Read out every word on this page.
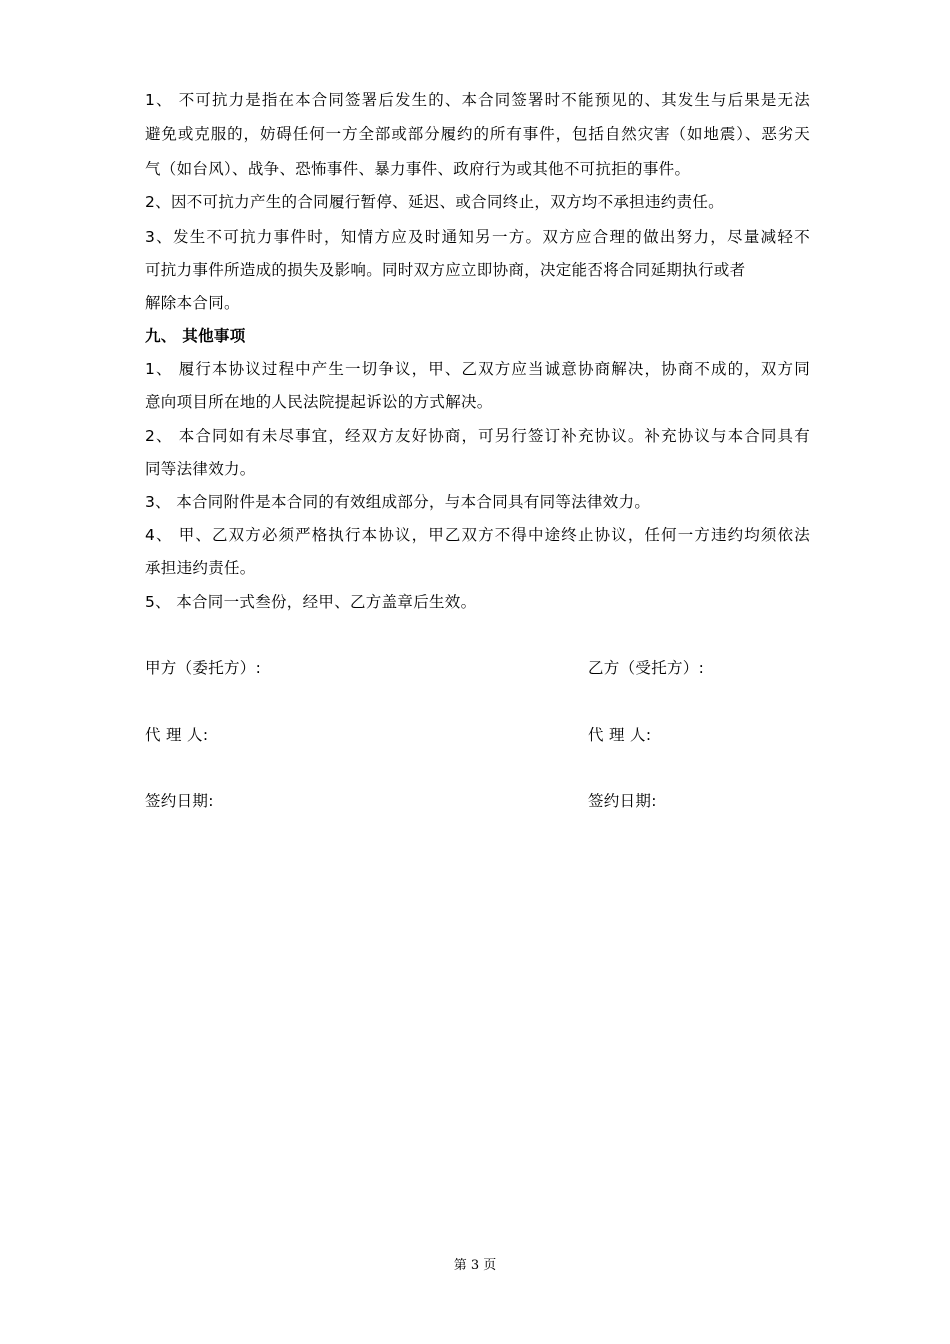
1、 不可抗力是指在本合同签署后发生的、本合同签署时不能预见的、其发生与后果是无法
避免或克服的，妨碍任何一方全部或部分履约的所有事件，包括自然灾害（如地震）、恶劣天
气（如台风）、战争、恐怖事件、暴力事件、政府行为或其他不可抗拒的事件。
2、因不可抗力产生的合同履行暂停、延迟、或合同终止，双方均不承担违约责任。
3、发生不可抗力事件时，知情方应及时通知另一方。双方应合理的做出努力，尽量减轻不
可抗力事件所造成的损失及影响。同时双方应立即协商，决定能否将合同延期执行或者
解除本合同。
九、 其他事项
1、 履行本协议过程中产生一切争议，甲、乙双方应当诚意协商解决，协商不成的，双方同
意向项目所在地的人民法院提起诉讼的方式解决。
2、 本合同如有未尽事宜，经双方友好协商，可另行签订补充协议。补充协议与本合同具有
同等法律效力。
3、 本合同附件是本合同的有效组成部分，与本合同具有同等法律效力。
4、 甲、乙双方必须严格执行本协议，甲乙双方不得中途终止协议，任何一方违约均须依法
承担违约责任。
5、 本合同一式叁份，经甲、乙方盖章后生效。
甲方（委托方）:	乙方（受托方）:
代 理 人:	代 理 人:
签约日期:	签约日期:
第 3 页
